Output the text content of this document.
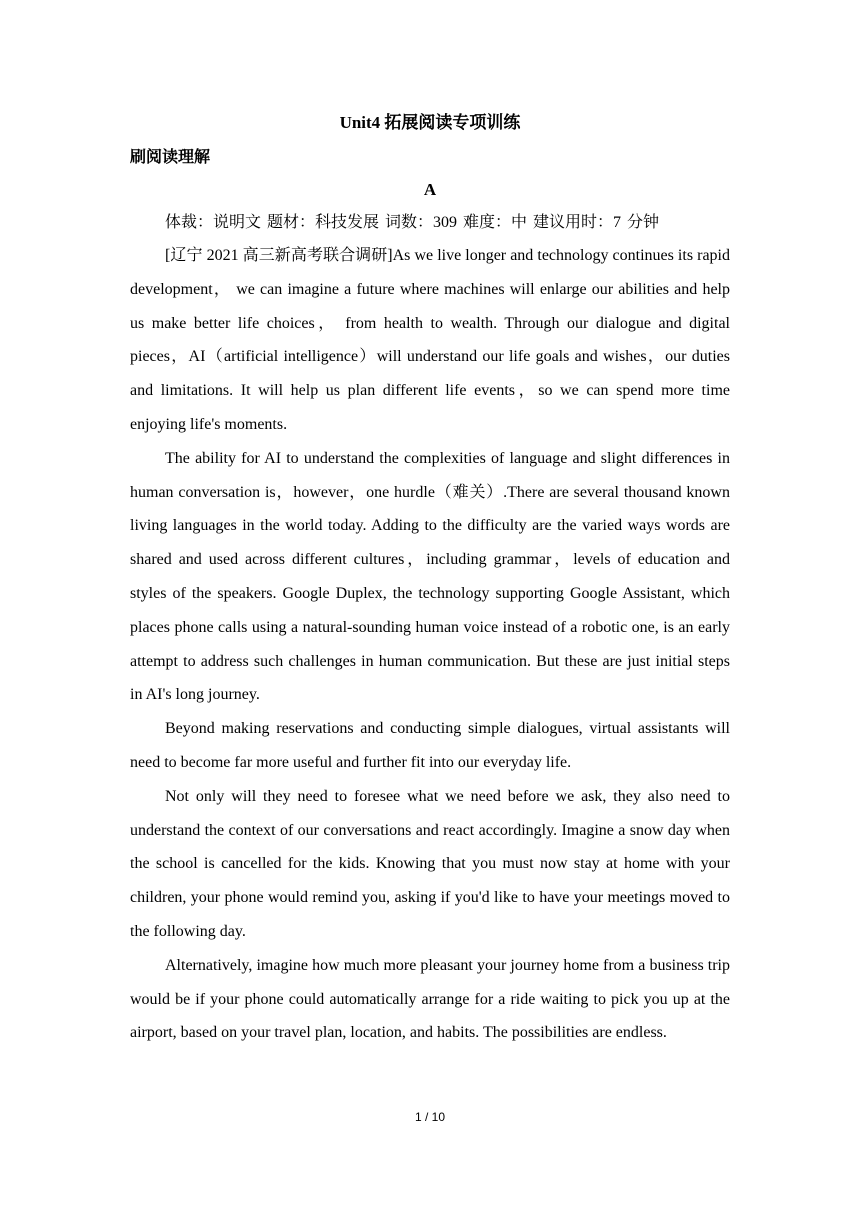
Unit4 拓展阅读专项训练
刷阅读理解
A
体裁：说明文 题材：科技发展 词数：309 难度：中 建议用时：7 分钟

[辽宁 2021 高三新高考联合调研]As we live longer and technology continues its rapid development， we can imagine a future where machines will enlarge our abilities and help us make better life choices， from health to wealth. Through our dialogue and digital pieces，AI（artificial intelligence）will understand our life goals and wishes，our duties and limitations. It will help us plan different life events，so we can spend more time enjoying life's moments.

The ability for AI to understand the complexities of language and slight differences in human conversation is，however，one hurdle（难关）.There are several thousand known living languages in the world today. Adding to the difficulty are the varied ways words are shared and used across different cultures，including grammar，levels of education and styles of the speakers. Google Duplex, the technology supporting Google Assistant, which places phone calls using a natural-sounding human voice instead of a robotic one, is an early attempt to address such challenges in human communication. But these are just initial steps in AI's long journey.

Beyond making reservations and conducting simple dialogues, virtual assistants will need to become far more useful and further fit into our everyday life.

Not only will they need to foresee what we need before we ask, they also need to understand the context of our conversations and react accordingly. Imagine a snow day when the school is cancelled for the kids. Knowing that you must now stay at home with your children, your phone would remind you, asking if you'd like to have your meetings moved to the following day.

Alternatively, imagine how much more pleasant your journey home from a business trip would be if your phone could automatically arrange for a ride waiting to pick you up at the airport, based on your travel plan, location, and habits. The possibilities are endless.

1 / 10
